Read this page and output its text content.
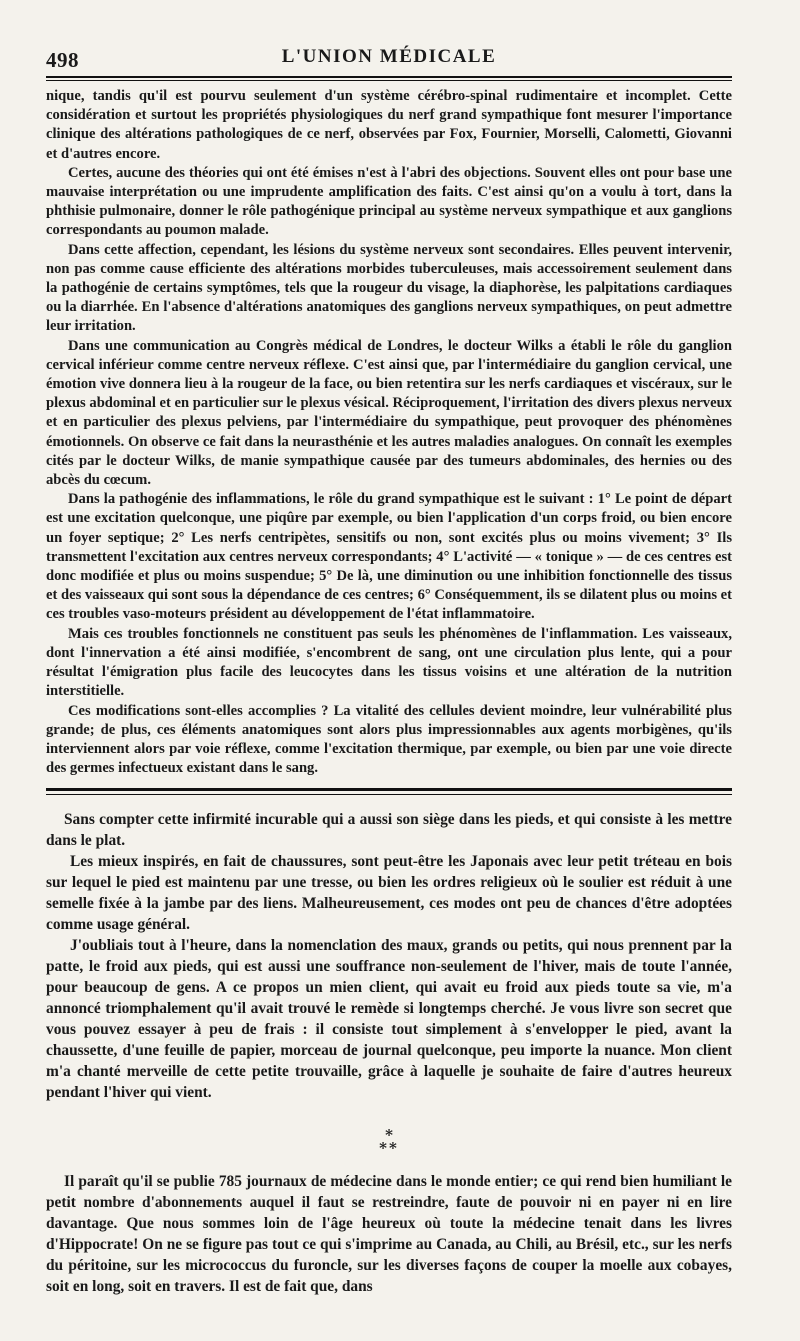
498	L'UNION MÉDICALE

nique, tandis qu'il est pourvu seulement d'un système cérébro-spinal rudimentaire et incomplet. Cette considération et surtout les propriétés physiologiques du nerf grand sympathique font mesurer l'importance clinique des altérations pathologiques de ce nerf, observées par Fox, Fournier, Morselli, Calometti, Giovanni et d'autres encore.

Certes, aucune des théories qui ont été émises n'est à l'abri des objections. Souvent elles ont pour base une mauvaise interprétation ou une imprudente amplification des faits. C'est ainsi qu'on a voulu à tort, dans la phthisie pulmonaire, donner le rôle pathogénique principal au système nerveux sympathique et aux ganglions correspondants au poumon malade.

Dans cette affection, cependant, les lésions du système nerveux sont secondaires. Elles peuvent intervenir, non pas comme cause efficiente des altérations morbides tuberculeuses, mais accessoirement seulement dans la pathogénie de certains symptômes, tels que la rougeur du visage, la diaphorèse, les palpitations cardiaques ou la diarrhée. En l'absence d'altérations anatomiques des ganglions nerveux sympathiques, on peut admettre leur irritation.

Dans une communication au Congrès médical de Londres, le docteur Wilks a établi le rôle du ganglion cervical inférieur comme centre nerveux réflexe. C'est ainsi que, par l'intermédiaire du ganglion cervical, une émotion vive donnera lieu à la rougeur de la face, ou bien retentira sur les nerfs cardiaques et viscéraux, sur le plexus abdominal et en particulier sur le plexus vésical. Réciproquement, l'irritation des divers plexus nerveux et en particulier des plexus pelviens, par l'intermédiaire du sympathique, peut provoquer des phénomènes émotionnels. On observe ce fait dans la neurasthénie et les autres maladies analogues. On connaît les exemples cités par le docteur Wilks, de manie sympathique causée par des tumeurs abdominales, des hernies ou des abcès du cœcum.

Dans la pathogénie des inflammations, le rôle du grand sympathique est le suivant : 1° Le point de départ est une excitation quelconque, une piqûre par exemple, ou bien l'application d'un corps froid, ou bien encore un foyer septique; 2° Les nerfs centripètes, sensitifs ou non, sont excités plus ou moins vivement; 3° Ils transmettent l'excitation aux centres nerveux correspondants; 4° L'activité — « tonique » — de ces centres est donc modifiée et plus ou moins suspendue; 5° De là, une diminution ou une inhibition fonctionnelle des tissus et des vaisseaux qui sont sous la dépendance de ces centres; 6° Conséquemment, ils se dilatent plus ou moins et ces troubles vaso-moteurs président au développement de l'état inflammatoire.

Mais ces troubles fonctionnels ne constituent pas seuls les phénomènes de l'inflammation. Les vaisseaux, dont l'innervation a été ainsi modifiée, s'encombrent de sang, ont une circulation plus lente, qui a pour résultat l'émigration plus facile des leucocytes dans les tissus voisins et une altération de la nutrition interstitielle.

Ces modifications sont-elles accomplies ? La vitalité des cellules devient moindre, leur vulnérabilité plus grande; de plus, ces éléments anatomiques sont alors plus impressionnables aux agents morbigènes, qu'ils interviennent alors par voie réflexe, comme l'excitation thermique, par exemple, ou bien par une voie directe des germes infectueux existant dans le sang.

Sans compter cette infirmité incurable qui a aussi son siège dans les pieds, et qui consiste à les mettre dans le plat.

Les mieux inspirés, en fait de chaussures, sont peut-être les Japonais avec leur petit tréteau en bois sur lequel le pied est maintenu par une tresse, ou bien les ordres religieux où le soulier est réduit à une semelle fixée à la jambe par des liens. Malheureusement, ces modes ont peu de chances d'être adoptées comme usage général.

J'oubliais tout à l'heure, dans la nomenclation des maux, grands ou petits, qui nous prennent par la patte, le froid aux pieds, qui est aussi une souffrance non-seulement de l'hiver, mais de toute l'année, pour beaucoup de gens. A ce propos un mien client, qui avait eu froid aux pieds toute sa vie, m'a annoncé triomphalement qu'il avait trouvé le remède si longtemps cherché. Je vous livre son secret que vous pouvez essayer à peu de frais : il consiste tout simplement à s'envelopper le pied, avant la chaussette, d'une feuille de papier, morceau de journal quelconque, peu importe la nuance. Mon client m'a chanté merveille de cette petite trouvaille, grâce à laquelle je souhaite de faire d'autres heureux pendant l'hiver qui vient.

*
**

Il paraît qu'il se publie 785 journaux de médecine dans le monde entier; ce qui rend bien humiliant le petit nombre d'abonnements auquel il faut se restreindre, faute de pouvoir ni en payer ni en lire davantage. Que nous sommes loin de l'âge heureux où toute la médecine tenait dans les livres d'Hippocrate! On ne se figure pas tout ce qui s'imprime au Canada, au Chili, au Brésil, etc., sur les nerfs du péritoine, sur les micrococcus du furoncle, sur les diverses façons de couper la moelle aux cobayes, soit en long, soit en travers. Il est de fait que, dans
